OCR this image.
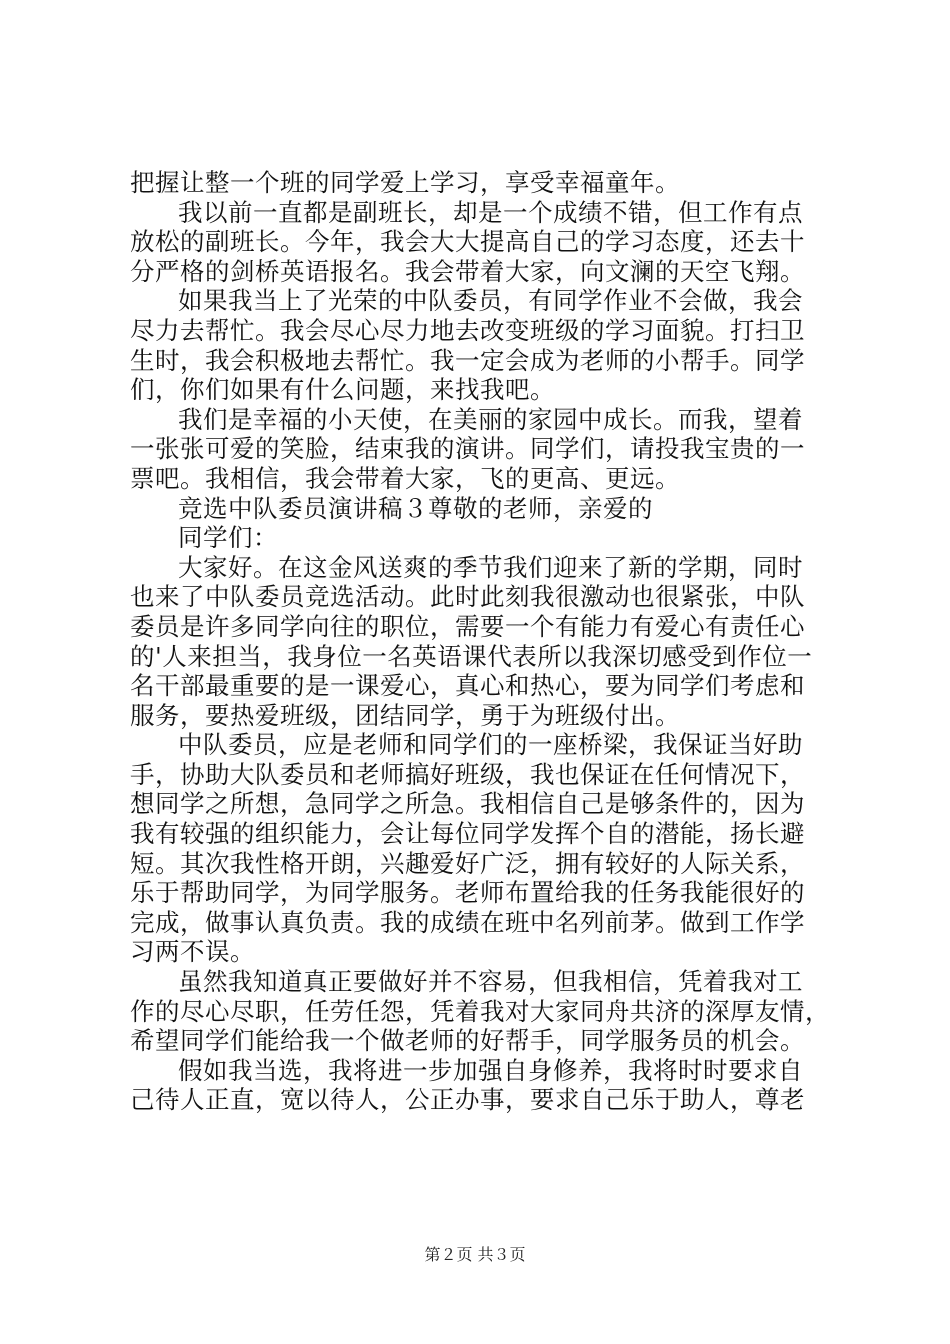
把握让整一个班的同学爱上学习，享受幸福童年。
我以前一直都是副班长，却是一个成绩不错，但工作有点
放松的副班长。今年，我会大大提高自己的学习态度，还去十
分严格的剑桥英语报名。我会带着大家，向文澜的天空飞翔。
如果我当上了光荣的中队委员，有同学作业不会做，我会
尽力去帮忙。我会尽心尽力地去改变班级的学习面貌。打扫卫
生时，我会积极地去帮忙。我一定会成为老师的小帮手。同学
们，你们如果有什么问题，来找我吧。
我们是幸福的小天使，在美丽的家园中成长。而我，望着
一张张可爱的笑脸，结束我的演讲。同学们，请投我宝贵的一
票吧。我相信，我会带着大家，飞的更高、更远。
竞选中队委员演讲稿３尊敬的老师，亲爱的
同学们：
大家好。在这金风送爽的季节我们迎来了新的学期，同时
也来了中队委员竞选活动。此时此刻我很激动也很紧张，中队
委员是许多同学向往的职位，需要一个有能力有爱心有责任心
的'人来担当，我身位一名英语课代表所以我深切感受到作位一
名干部最重要的是一课爱心，真心和热心，要为同学们考虑和
服务，要热爱班级，团结同学，勇于为班级付出。
中队委员，应是老师和同学们的一座桥梁，我保证当好助
手，协助大队委员和老师搞好班级，我也保证在任何情况下，
想同学之所想，急同学之所急。我相信自己是够条件的，因为
我有较强的组织能力，会让每位同学发挥个自的潜能，扬长避
短。其次我性格开朗，兴趣爱好广泛，拥有较好的人际关系，
乐于帮助同学，为同学服务。老师布置给我的任务我能很好的
完成，做事认真负责。我的成绩在班中名列前茅。做到工作学
习两不误。
虽然我知道真正要做好并不容易，但我相信，凭着我对工
作的尽心尽职，任劳任怨，凭着我对大家同舟共济的深厚友情，
希望同学们能给我一个做老师的好帮手，同学服务员的机会。
假如我当选，我将进一步加强自身修养，我将时时要求自
己待人正直，宽以待人，公正办事，要求自己乐于助人，尊老
第２页 共３页
